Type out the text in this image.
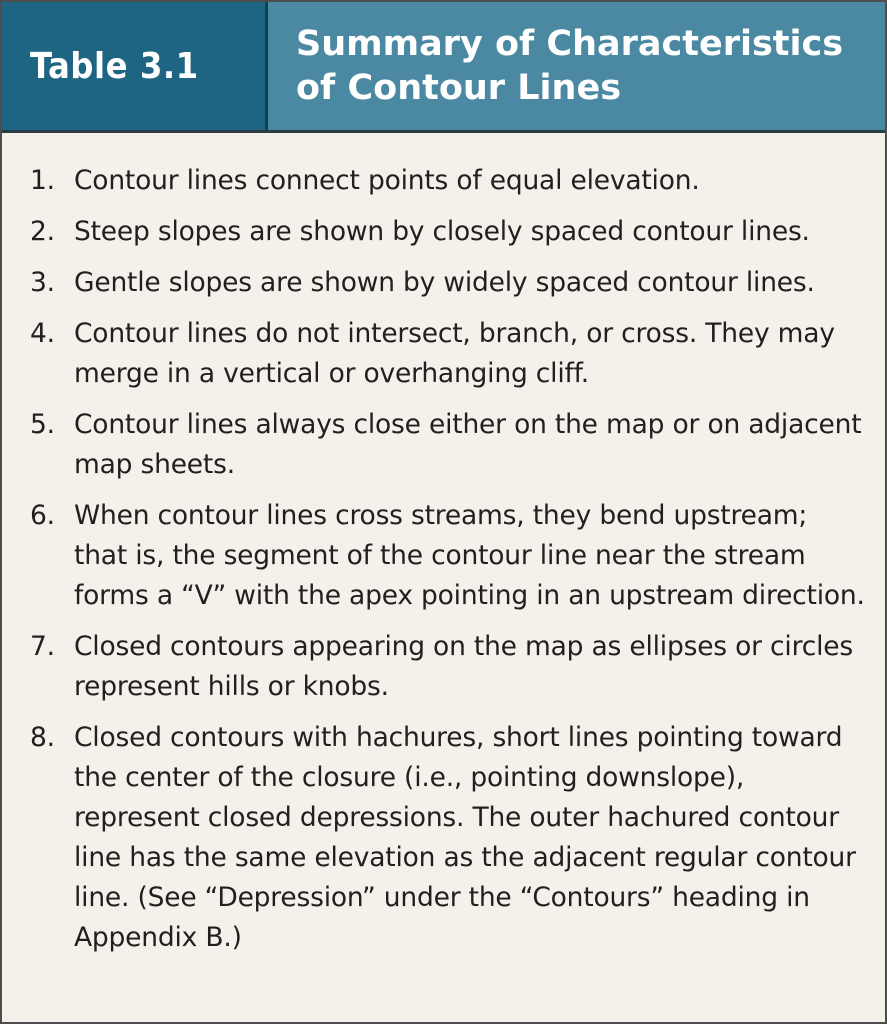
Table 3.1
Summary of Characteristics of Contour Lines
1. Contour lines connect points of equal elevation.
2. Steep slopes are shown by closely spaced contour lines.
3. Gentle slopes are shown by widely spaced contour lines.
4. Contour lines do not intersect, branch, or cross. They may merge in a vertical or overhanging cliff.
5. Contour lines always close either on the map or on adjacent map sheets.
6. When contour lines cross streams, they bend upstream; that is, the segment of the contour line near the stream forms a “V” with the apex pointing in an upstream direction.
7. Closed contours appearing on the map as ellipses or circles represent hills or knobs.
8. Closed contours with hachures, short lines pointing toward the center of the closure (i.e., pointing downslope), represent closed depressions. The outer hachured contour line has the same elevation as the adjacent regular contour line. (See “Depression” under the “Contours” heading in Appendix B.)
